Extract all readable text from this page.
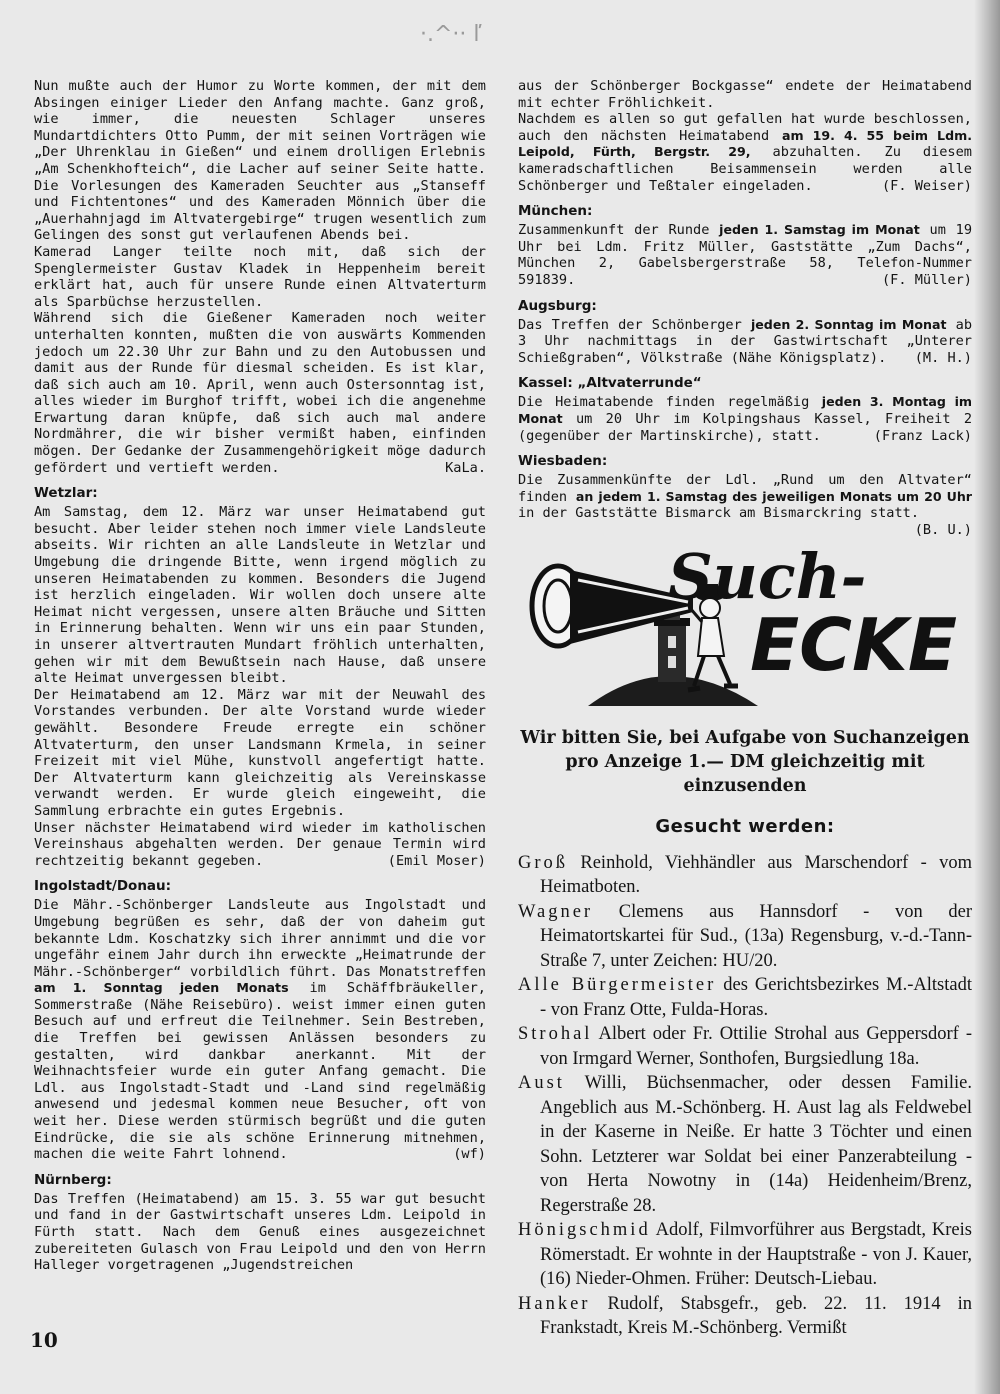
·.^·· ľ

Nun mußte auch der Humor zu Worte kommen, der mit dem Absingen einiger Lieder den Anfang machte. Ganz groß, wie immer, die neuesten Schlager unseres Mundartdichters Otto Pumm, der mit seinen Vorträgen wie „Der Uhrenklau in Gießen“ und einem drolligen Erlebnis „Am Schenkhofteich“, die Lacher auf seiner Seite hatte. Die Vorlesungen des Kameraden Seuchter aus „Stanseff und Fichtentones“ und des Kameraden Mönnich über die „Auerhahnjagd im Altvatergebirge“ trugen wesentlich zum Gelingen des sonst gut verlaufenen Abends bei.

Kamerad Langer teilte noch mit, daß sich der Spenglermeister Gustav Kladek in Heppenheim bereit erklärt hat, auch für unsere Runde einen Altvaterturm als Sparbüchse herzustellen.

Während sich die Gießener Kameraden noch weiter unterhalten konnten, mußten die von auswärts Kommenden jedoch um 22.30 Uhr zur Bahn und zu den Autobussen und damit aus der Runde für diesmal scheiden. Es ist klar, daß sich auch am 10. April, wenn auch Ostersonntag ist, alles wieder im Burghof trifft, wobei ich die angenehme Erwartung daran knüpfe, daß sich auch mal andere Nordmährer, die wir bisher vermißt haben, einfinden mögen. Der Gedanke der Zusammengehörigkeit möge dadurch gefördert und vertieft werden.	KaLa.

Wetzlar:

Am Samstag, dem 12. März war unser Heimatabend gut besucht. Aber leider stehen noch immer viele Landsleute abseits. Wir richten an alle Landsleute in Wetzlar und Umgebung die dringende Bitte, wenn irgend möglich zu unseren Heimatabenden zu kommen. Besonders die Jugend ist herzlich eingeladen. Wir wollen doch unsere alte Heimat nicht vergessen, unsere alten Bräuche und Sitten in Erinnerung behalten. Wenn wir uns ein paar Stunden, in unserer altvertrauten Mundart fröhlich unterhalten, gehen wir mit dem Bewußtsein nach Hause, daß unsere alte Heimat unvergessen bleibt.

Der Heimatabend am 12. März war mit der Neuwahl des Vorstandes verbunden. Der alte Vorstand wurde wieder gewählt. Besondere Freude erregte ein schöner Altvaterturm, den unser Landsmann Krmela, in seiner Freizeit mit viel Mühe, kunstvoll angefertigt hatte. Der Altvaterturm kann gleichzeitig als Vereinskasse verwandt werden. Er wurde gleich eingeweiht, die Sammlung erbrachte ein gutes Ergebnis.

Unser nächster Heimatabend wird wieder im katholischen Vereinshaus abgehalten werden. Der genaue Termin wird rechtzeitig bekannt gegeben.	(Emil Moser)

Ingolstadt/Donau:

Die Mähr.-Schönberger Landsleute aus Ingolstadt und Umgebung begrüßen es sehr, daß der von daheim gut bekannte Ldm. Koschatzky sich ihrer annimmt und die vor ungefähr einem Jahr durch ihn erweckte „Heimatrunde der Mähr.-Schönberger“ vorbildlich führt. Das Monatstreffen am 1. Sonntag jeden Monats im Schäffbräukeller, Sommerstraße (Nähe Reisebüro). weist immer einen guten Besuch auf und erfreut die Teilnehmer. Sein Bestreben, die Treffen bei gewissen Anlässen besonders zu gestalten, wird dankbar anerkannt. Mit der Weihnachtsfeier wurde ein guter Anfang gemacht. Die Ldl. aus Ingolstadt-Stadt und -Land sind regelmäßig anwesend und jedesmal kommen neue Besucher, oft von weit her. Diese werden stürmisch begrüßt und die guten Eindrücke, die sie als schöne Erinnerung mitnehmen, machen die weite Fahrt lohnend.	(wf)

Nürnberg:

Das Treffen (Heimatabend) am 15. 3. 55 war gut besucht und fand in der Gastwirtschaft unseres Ldm. Leipold in Fürth statt. Nach dem Genuß eines ausgezeichnet zubereiteten Gulasch von Frau Leipold und den von Herrn Halleger vorgetragenen „Jugendstreichen

aus der Schönberger Bockgasse“ endete der Heimatabend mit echter Fröhlichkeit.

Nachdem es allen so gut gefallen hat wurde beschlossen, auch den nächsten Heimatabend am 19. 4. 55 beim Ldm. Leipold, Fürth, Bergstr. 29, abzuhalten. Zu diesem kameradschaftlichen Beisammensein werden alle Schönberger und Teßtaler eingeladen.	(F. Weiser)

München:

Zusammenkunft der Runde jeden 1. Samstag im Monat um 19 Uhr bei Ldm. Fritz Müller, Gaststätte „Zum Dachs“, München 2, Gabelsbergerstraße 58, Telefon-Nummer 591839.	(F. Müller)

Augsburg:

Das Treffen der Schönberger jeden 2. Sonntag im Monat ab 3 Uhr nachmittags in der Gastwirtschaft „Unterer Schießgraben“, Völkstraße (Nähe Königsplatz). (M. H.)

Kassel: „Altvaterrunde“

Die Heimatabende finden regelmäßig jeden 3. Montag im Monat um 20 Uhr im Kolpingshaus Kassel, Freiheit 2 (gegenüber der Martinskirche), statt.	(Franz Lack)

Wiesbaden:

Die Zusammenkünfte der Ldl. „Rund um den Altvater“ finden an jedem 1. Samstag des jeweiligen Monats um 20 Uhr in der Gaststätte Bismarck am Bismarckring statt.
(B. U.)

Such-
ECKE

Wir bitten Sie, bei Aufgabe von Suchanzeigen pro Anzeige 1.— DM gleichzeitig mit einzusenden

Gesucht werden:

Groß Reinhold, Viehhändler aus Marschendorf - vom Heimatboten.

Wagner Clemens aus Hannsdorf - von der Heimatortskartei für Sud., (13a) Regensburg, v.-d.-Tann-Straße 7, unter Zeichen: HU/20.

Alle Bürgermeister des Gerichtsbezirkes M.-Altstadt - von Franz Otte, Fulda-Horas.

Strohal Albert oder Fr. Ottilie Strohal aus Geppersdorf - von Irmgard Werner, Sonthofen, Burgsiedlung 18a.

Aust Willi, Büchsenmacher, oder dessen Familie. Angeblich aus M.-Schönberg. H. Aust lag als Feldwebel in der Kaserne in Neiße. Er hatte 3 Töchter und einen Sohn. Letzterer war Soldat bei einer Panzerabteilung - von Herta Nowotny in (14a) Heidenheim/Brenz, Regerstraße 28.

Hönigschmid Adolf, Filmvorführer aus Bergstadt, Kreis Römerstadt. Er wohnte in der Hauptstraße - von J. Kauer, (16) Nieder-Ohmen. Früher: Deutsch-Liebau.

Hanker Rudolf, Stabsgefr., geb. 22. 11. 1914 in Frankstadt, Kreis M.-Schönberg. Vermißt

10
